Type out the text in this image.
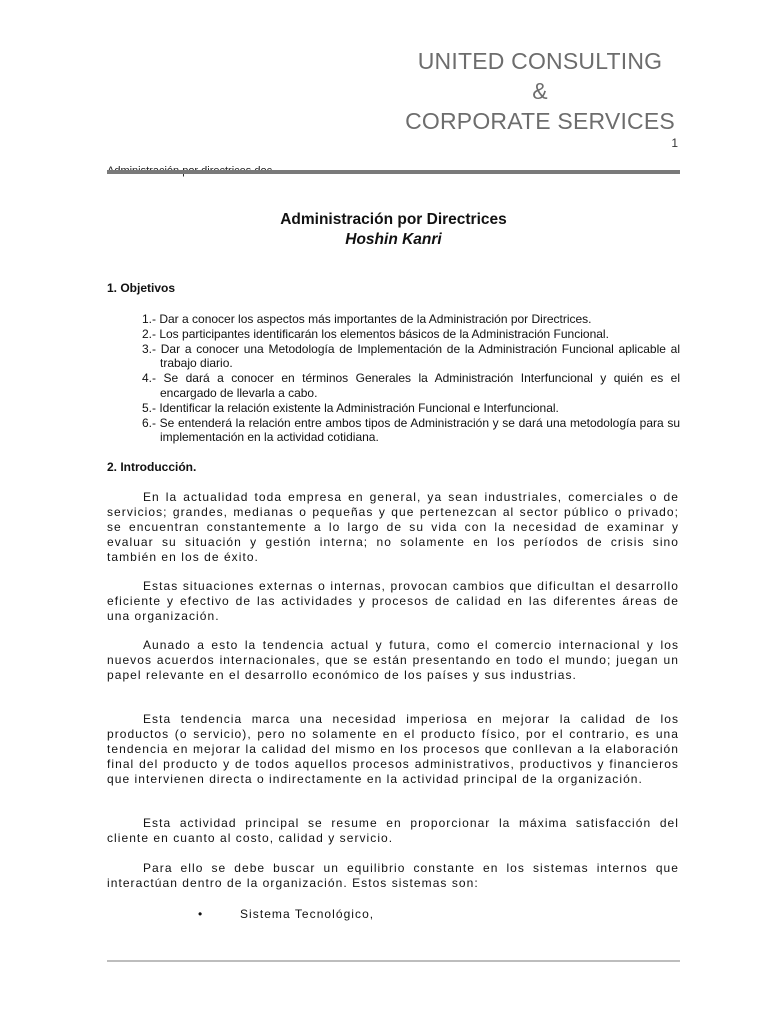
UNITED CONSULTING
&
CORPORATE SERVICES
1
Administración por Directrices
Hoshin Kanri
1. Objetivos
1.- Dar a conocer los aspectos más importantes de la Administración por Directrices.
2.- Los participantes identificarán los elementos básicos de la Administración Funcional.
3.- Dar a conocer una Metodología de Implementación de la Administración Funcional aplicable al trabajo diario.
4.- Se dará a conocer en términos Generales la Administración Interfuncional y quién es el encargado de llevarla a cabo.
5.- Identificar la relación existente la Administración Funcional e Interfuncional.
6.- Se entenderá la relación entre ambos tipos de Administración y se dará una metodología para su implementación en la actividad cotidiana.
2. Introducción.

En la actualidad toda empresa en general, ya sean industriales, comerciales o de servicios; grandes, medianas o pequeñas y que pertenezcan al sector público o privado; se encuentran constantemente a lo largo de su vida con la necesidad de examinar y evaluar su situación y gestión interna; no solamente en los períodos de crisis sino también en los de éxito.

Estas situaciones externas o internas, provocan cambios que dificultan el desarrollo eficiente y efectivo de las actividades y procesos de calidad en las diferentes áreas de una organización.

Aunado a esto la tendencia actual y futura, como el comercio internacional y los nuevos acuerdos internacionales, que se están presentando en todo el mundo; juegan un papel relevante en el desarrollo económico de los países y sus industrias.

Esta tendencia marca una necesidad imperiosa en mejorar la calidad de los productos (o servicio), pero no solamente en el producto físico, por el contrario, es una tendencia en mejorar la calidad del mismo en los procesos que conllevan a la elaboración final del producto y de todos aquellos procesos administrativos, productivos y financieros que intervienen directa o indirectamente en la actividad principal de la organización.

Esta actividad principal se resume en proporcionar la máxima satisfacción del cliente en cuanto al costo, calidad y servicio.

Para ello se debe buscar un equilibrio constante en los sistemas internos que interactúan dentro de la organización. Estos sistemas son:

•	Sistema Tecnológico,
